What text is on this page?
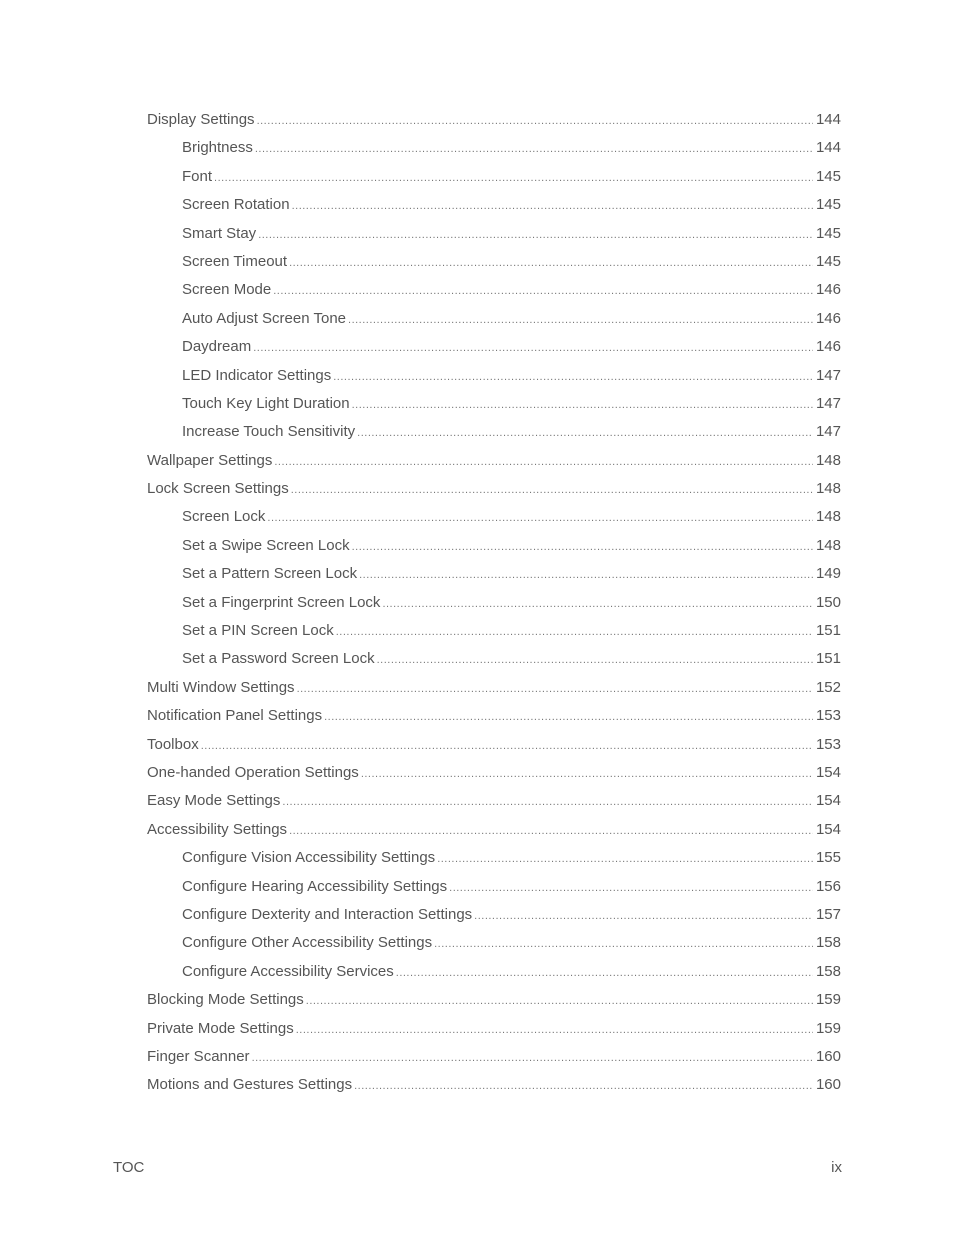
Display Settings .....	144
Brightness .....	144
Font .....	145
Screen Rotation .....	145
Smart Stay .....	145
Screen Timeout .....	145
Screen Mode .....	146
Auto Adjust Screen Tone .....	146
Daydream .....	146
LED Indicator Settings .....	147
Touch Key Light Duration .....	147
Increase Touch Sensitivity .....	147
Wallpaper Settings .....	148
Lock Screen Settings .....	148
Screen Lock .....	148
Set a Swipe Screen Lock .....	148
Set a Pattern Screen Lock .....	149
Set a Fingerprint Screen Lock .....	150
Set a PIN Screen Lock .....	151
Set a Password Screen Lock .....	151
Multi Window Settings .....	152
Notification Panel Settings .....	153
Toolbox .....	153
One-handed Operation Settings .....	154
Easy Mode Settings .....	154
Accessibility Settings .....	154
Configure Vision Accessibility Settings .....	155
Configure Hearing Accessibility Settings .....	156
Configure Dexterity and Interaction Settings .....	157
Configure Other Accessibility Settings .....	158
Configure Accessibility Services .....	158
Blocking Mode Settings .....	159
Private Mode Settings .....	159
Finger Scanner .....	160
Motions and Gestures Settings .....	160
TOC	ix
